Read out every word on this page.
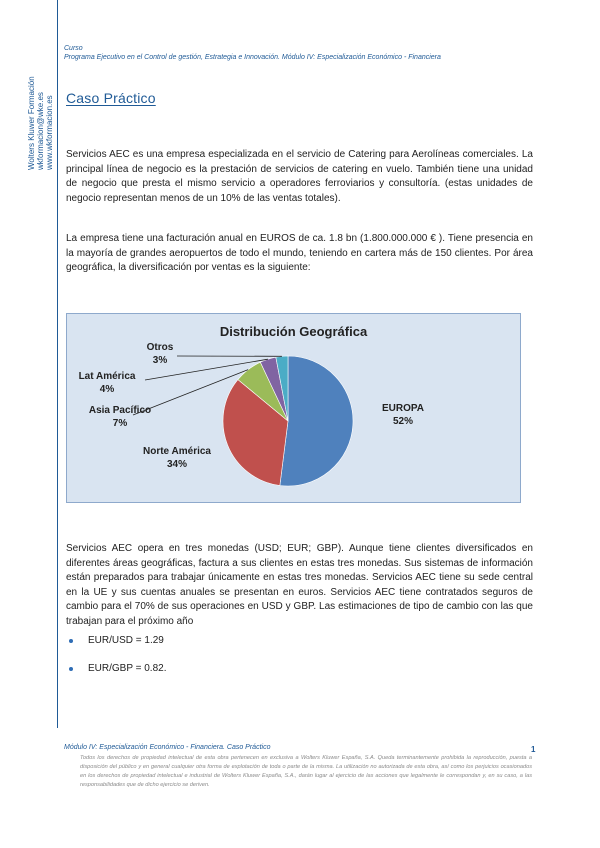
Wolters Kluwer Formación wkformacion@wke.es www.wkformacion.es
Curso
Programa Ejecutivo en el Control de gestión, Estrategia e Innovación. Módulo IV: Especialización Económico - Financiera
Caso Práctico
Servicios AEC es una empresa especializada en el servicio de Catering para Aerolíneas comerciales. La principal línea de negocio es la prestación de servicios de catering en vuelo. También tiene una unidad de negocio que presta el mismo servicio a operadores ferroviarios y consultoría. (estas unidades de negocio representan menos de un 10% de las ventas totales).
La empresa tiene una facturación anual en EUROS de ca. 1.8 bn (1.800.000.000 € ). Tiene presencia en la mayoría de grandes aeropuertos de todo el mundo, teniendo en cartera más de 150 clientes. Por área geográfica, la diversificación por ventas es la siguiente:
Distribución Geográfica
Otros
3%
Lat América
4%
Asia Pacífico
7%
Norte América
34%
EUROPA
52%
Servicios AEC opera en tres monedas (USD; EUR; GBP). Aunque tiene clientes diversificados en diferentes áreas geográficas, factura a sus clientes en estas tres monedas. Sus sistemas de información están preparados para trabajar únicamente en estas tres monedas. Servicios AEC tiene su sede central en la UE y sus cuentas anuales se presentan en euros. Servicios AEC tiene contratados seguros de cambio para el 70% de sus operaciones en USD y GBP. Las estimaciones de tipo de cambio con las que trabajan para el próximo año
EUR/USD = 1.29
EUR/GBP = 0.82.
Módulo IV: Especialización Económico - Financiera. Caso Práctico	1
Todos los derechos de propiedad intelectual de esta obra pertenecen en exclusiva a Wolters Kluwer España, S.A. Queda terminantemente prohibida la reproducción, puesta a disposición del público y en general cualquier otra forma de explotación de toda o parte de la misma. La utilización no autorizada de esta obra, así como los perjuicios ocasionados en los derechos de propiedad intelectual e industrial de Wolters Kluwer España, S.A., darán lugar al ejercicio de las acciones que legalmente le correspondan y, en su caso, a las responsabilidades que de dicho ejercicio se deriven.
